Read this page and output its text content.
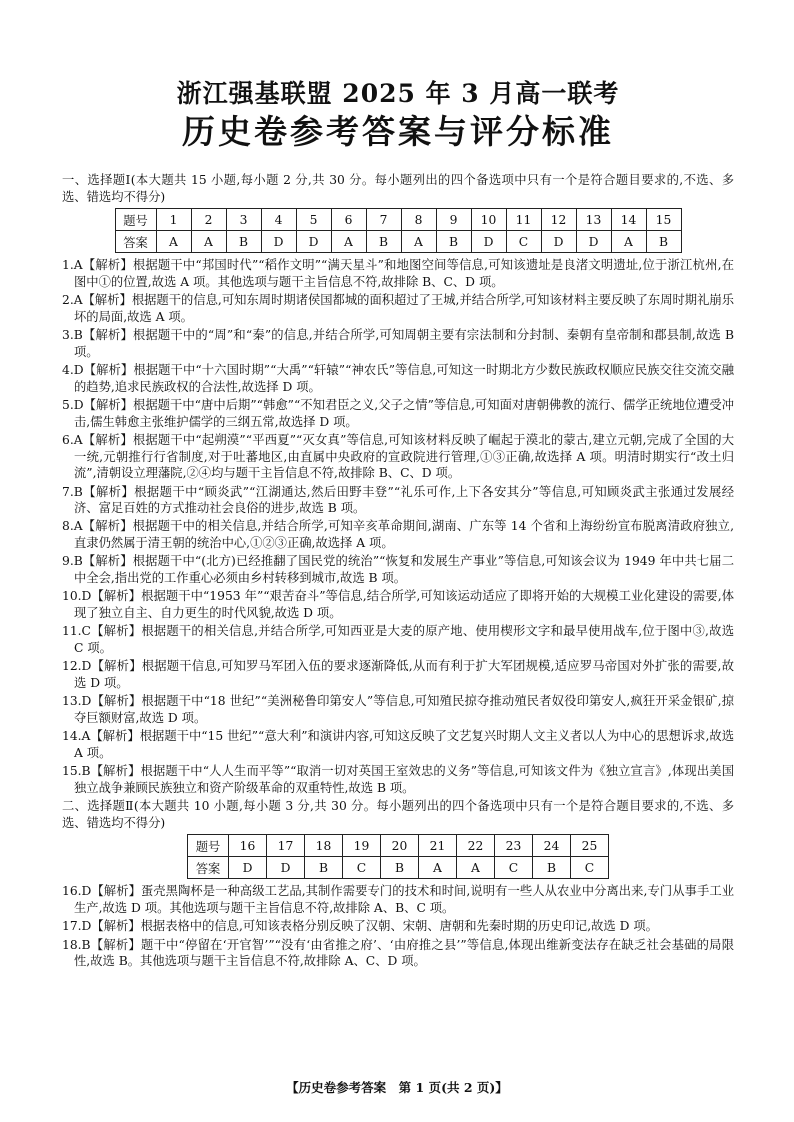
浙江强基联盟 2025 年 3 月高一联考
历史卷参考答案与评分标准

一、选择题Ⅰ(本大题共 15 小题,每小题 2 分,共 30 分。每小题列出的四个备选项中只有一个是符合题目要求的,不选、多选、错选均不得分)

题号	1	2	3	4	5	6	7	8	9	10	11	12	13	14	15
答案	A	A	B	D	D	A	B	A	B	D	C	D	D	A	B

1.A【解析】根据题干中“邦国时代”“稻作文明”“满天星斗”和地图空间等信息,可知该遗址是良渚文明遗址,位于浙江杭州,在图中①的位置,故选 A 项。其他选项与题干主旨信息不符,故排除 B、C、D 项。

2.A【解析】根据题干的信息,可知东周时期诸侯国都城的面积超过了王城,并结合所学,可知该材料主要反映了东周时期礼崩乐坏的局面,故选 A 项。

3.B【解析】根据题干中的“周”和“秦”的信息,并结合所学,可知周朝主要有宗法制和分封制、秦朝有皇帝制和郡县制,故选 B 项。

4.D【解析】根据题干中“十六国时期”“大禹”“轩辕”“神农氏”等信息,可知这一时期北方少数民族政权顺应民族交往交流交融的趋势,追求民族政权的合法性,故选择 D 项。

5.D【解析】根据题干中“唐中后期”“韩愈”“不知君臣之义,父子之情”等信息,可知面对唐朝佛教的流行、儒学正统地位遭受冲击,儒生韩愈主张维护儒学的三纲五常,故选择 D 项。

6.A【解析】根据题干中“起朔漠”“平西夏”“灭女真”等信息,可知该材料反映了崛起于漠北的蒙古,建立元朝,完成了全国的大一统,元朝推行行省制度,对于吐蕃地区,由直属中央政府的宣政院进行管理,①③正确,故选择 A 项。明清时期实行“改土归流”,清朝设立理藩院,②④均与题干主旨信息不符,故排除 B、C、D 项。

7.B【解析】根据题干中“顾炎武”“江湖通达,然后田野丰登”“礼乐可作,上下各安其分”等信息,可知顾炎武主张通过发展经济、富足百姓的方式推动社会良俗的进步,故选 B 项。

8.A【解析】根据题干中的相关信息,并结合所学,可知辛亥革命期间,湖南、广东等 14 个省和上海纷纷宣布脱离清政府独立,直隶仍然属于清王朝的统治中心,①②③正确,故选择 A 项。

9.B【解析】根据题干中“(北方)已经推翻了国民党的统治”“恢复和发展生产事业”等信息,可知该会议为 1949 年中共七届二中全会,指出党的工作重心必须由乡村转移到城市,故选 B 项。

10.D【解析】根据题干中“1953 年”“艰苦奋斗”等信息,结合所学,可知该运动适应了即将开始的大规模工业化建设的需要,体现了独立自主、自力更生的时代风貌,故选 D 项。

11.C【解析】根据题干的相关信息,并结合所学,可知西亚是大麦的原产地、使用楔形文字和最早使用战车,位于图中③,故选 C 项。

12.D【解析】根据题干信息,可知罗马军团入伍的要求逐渐降低,从而有利于扩大军团规模,适应罗马帝国对外扩张的需要,故选 D 项。

13.D【解析】根据题干中“18 世纪”“美洲秘鲁印第安人”等信息,可知殖民掠夺推动殖民者奴役印第安人,疯狂开采金银矿,掠夺巨额财富,故选 D 项。

14.A【解析】根据题干中“15 世纪”“意大利”和演讲内容,可知这反映了文艺复兴时期人文主义者以人为中心的思想诉求,故选 A 项。

15.B【解析】根据题干中“人人生而平等”“取消一切对英国王室效忠的义务”等信息,可知该文件为《独立宣言》,体现出美国独立战争兼顾民族独立和资产阶级革命的双重特性,故选 B 项。

二、选择题Ⅱ(本大题共 10 小题,每小题 3 分,共 30 分。每小题列出的四个备选项中只有一个是符合题目要求的,不选、多选、错选均不得分)

题号	16	17	18	19	20	21	22	23	24	25
答案	D	D	B	C	B	A	A	C	B	C

16.D【解析】蛋壳黑陶杯是一种高级工艺品,其制作需要专门的技术和时间,说明有一些人从农业中分离出来,专门从事手工业生产,故选 D 项。其他选项与题干主旨信息不符,故排除 A、B、C 项。

17.D【解析】根据表格中的信息,可知该表格分别反映了汉朝、宋朝、唐朝和先秦时期的历史印记,故选 D 项。

18.B【解析】题干中“停留在‘开官智’”“没有‘由省推之府’、‘由府推之县’”等信息,体现出维新变法存在缺乏社会基础的局限性,故选 B。其他选项与题干主旨信息不符,故排除 A、C、D 项。

【历史卷参考答案　第 1 页(共 2 页)】
